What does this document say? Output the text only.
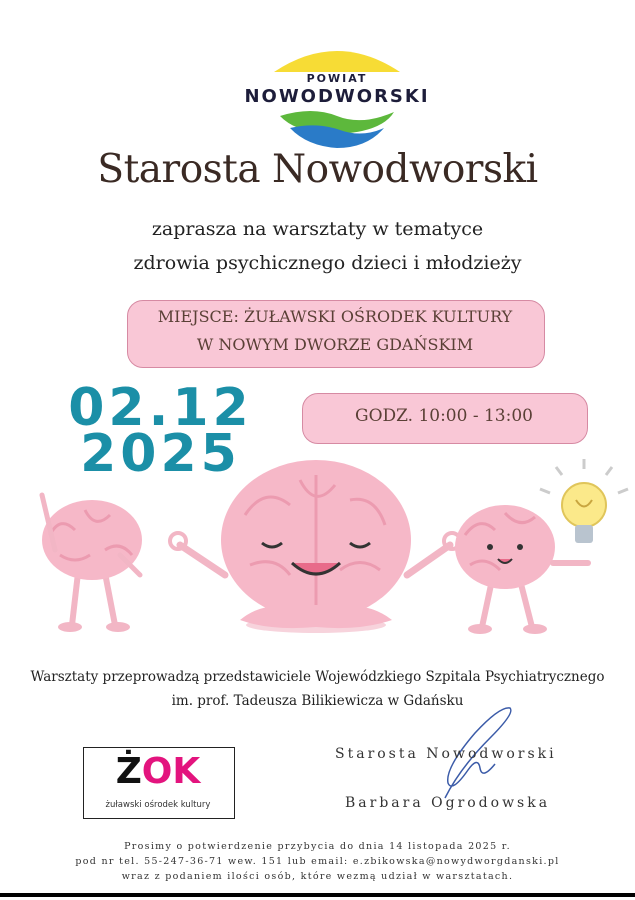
POWIAT
NOWODWORSKI
Starosta Nowodworski
zaprasza na warsztaty w tematyce
zdrowia psychicznego dzieci i młodzieży
MIEJSCE: ŻUŁAWSKI OŚRODEK KULTURY
W NOWYM DWORZE GDAŃSKIM
02.12
2025
GODZ. 10:00 - 13:00
Warsztaty przeprowadzą przedstawiciele Wojewódzkiego Szpitala Psychiatrycznego
im. prof. Tadeusza Bilikiewicza w Gdańsku
ŻOK
żuławski ośrodek kultury
Starosta Nowodworski
Barbara Ogrodowska
Prosimy o potwierdzenie przybycia do dnia 14 listopada 2025 r.
pod nr tel. 55-247-36-71 wew. 151 lub email: e.zbikowska@nowydworgdanski.pl
wraz z podaniem ilości osób, które wezmą udział w warsztatach.
